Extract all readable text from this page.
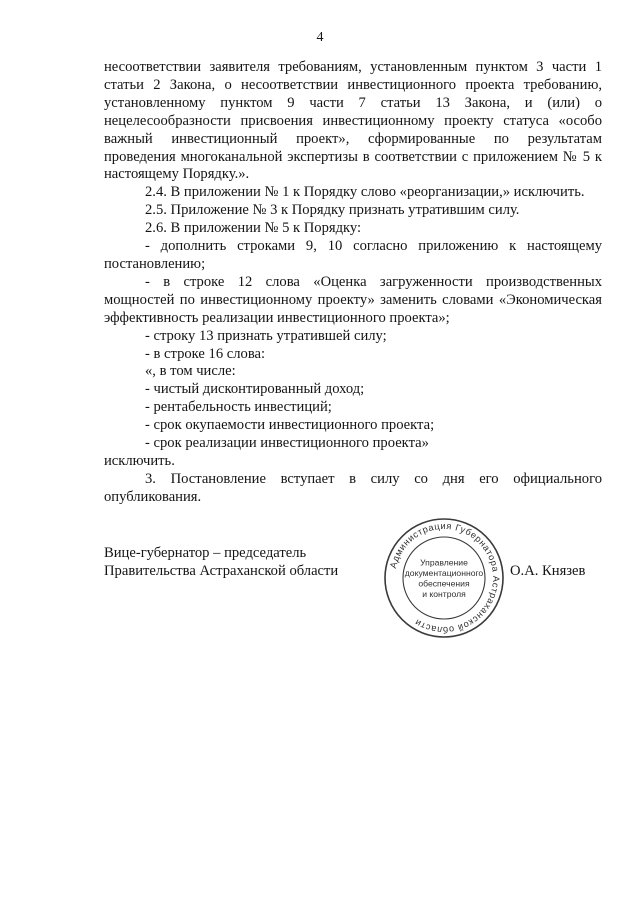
4

несоответствии заявителя требованиям, установленным пунктом 3 части 1 статьи 2 Закона, о несоответствии инвестиционного проекта требованию, установленному пунктом 9 части 7 статьи 13 Закона, и (или) о нецелесообразности присвоения инвестиционному проекту статуса «особо важный инвестиционный проект», сформированные по результатам проведения многоканальной экспертизы в соответствии с приложением № 5 к настоящему Порядку.».

2.4. В приложении № 1 к Порядку слово «реорганизации,» исключить.

2.5. Приложение № 3 к Порядку признать утратившим силу.

2.6. В приложении № 5 к Порядку:

- дополнить строками 9, 10 согласно приложению к настоящему постановлению;

- в строке 12 слова «Оценка загруженности производственных мощностей по инвестиционному проекту» заменить словами «Экономическая эффективность реализации инвестиционного проекта»;

- строку 13 признать утратившей силу;

- в строке 16 слова:

«, в том числе:

- чистый дисконтированный доход;

- рентабельность инвестиций;

- срок окупаемости инвестиционного проекта;

- срок реализации инвестиционного проекта»

исключить.

3. Постановление вступает в силу со дня его официального опубликования.

Вице-губернатор – председатель
Правительства Астраханской области	Администрация Губернатора Астраханской области
Управление документационного обеспечения и контроля
О.А. Князев
